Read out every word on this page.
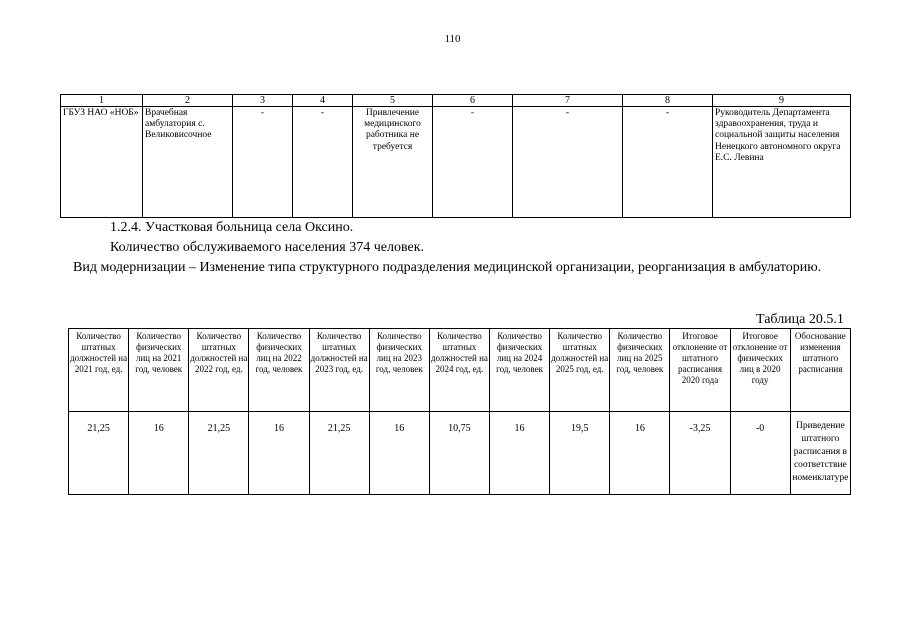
110
1	2	3	4	5	6	7	8	9
ГБУЗ НАО «НОБ»	Врачебная амбулатория с. Великовисочное	-	-	Привлечение медицинского работника не требуется	-	-	-	Руководитель Департамента здравоохранения, труда и социальной защиты населения Ненецкого автономного округа Е.С. Левина
1.2.4. Участковая больница села Оксино.
Количество обслуживаемого населения 374 человек.
Вид модернизации – Изменение типа структурного подразделения медицинской организации, реорганизация в амбулаторию.
Таблица 20.5.1
Количество штатных должностей на 2021 год, ед.	Количество физических лиц на 2021 год, человек	Количество штатных должностей на 2022 год, ед.	Количество физических лиц на 2022 год, человек	Количество штатных должностей на 2023 год, ед.	Количество физических лиц на 2023 год, человек	Количество штатных должностей на 2024 год, ед.	Количество физических лиц на 2024 год, человек	Количество штатных должностей на 2025 год, ед.	Количество физических лиц на 2025 год, человек	Итоговое отклонение от штатного расписания 2020 года	Итоговое отклонение от физических лиц в 2020 году	Обоснование изменения штатного расписания
21,25	16	21,25	16	21,25	16	10,75	16	19,5	16	-3,25	-0	Приведение штатного расписания в соответствие номенклатуре
